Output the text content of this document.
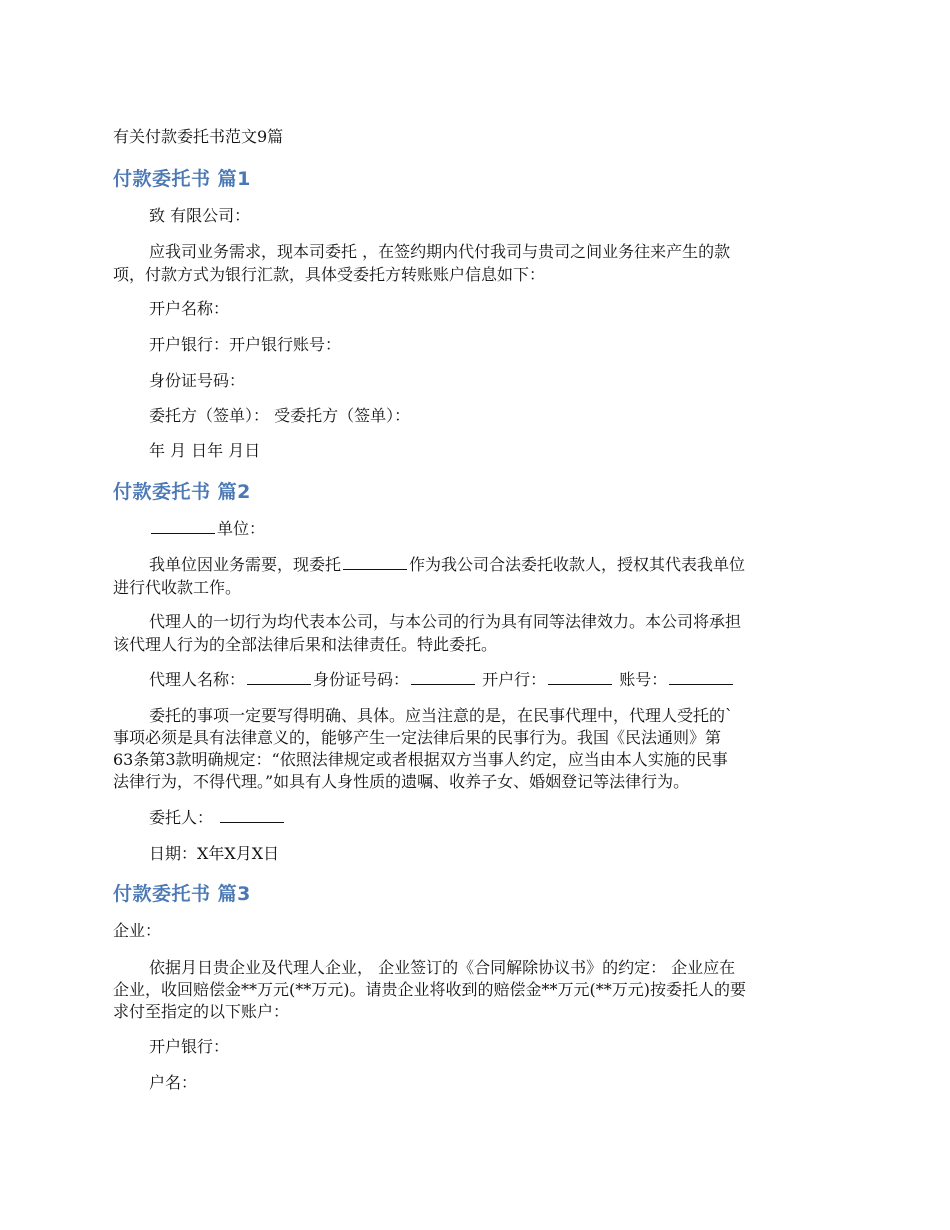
有关付款委托书范文9篇
付款委托书 篇1
致 有限公司：
应我司业务需求，现本司委托 ，在签约期内代付我司与贵司之间业务往来产生的款
项，付款方式为银行汇款，具体受委托方转账账户信息如下：
开户名称：
开户银行：开户银行账号：
身份证号码：
委托方（签单）： 受委托方（签单）：
年 月 日年 月日
付款委托书 篇2
单位：
我单位因业务需要，现委托	作为我公司合法委托收款人，授权其代表我单位
进行代收款工作。
代理人的一切行为均代表本公司，与本公司的行为具有同等法律效力。本公司将承担
该代理人行为的全部法律后果和法律责任。特此委托。
代理人名称：	身份证号码：	开户行：	账号：
委托的事项一定要写得明确、具体。应当注意的是，在民事代理中，代理人受托的`
事项必须是具有法律意义的，能够产生一定法律后果的民事行为。我国《民法通则》第
63条第3款明确规定：“依照法律规定或者根据双方当事人约定，应当由本人实施的民事
法律行为，不得代理。”如具有人身性质的遗嘱、收养子女、婚姻登记等法律行为。
委托人：
日期：X年X月X日
付款委托书 篇3
企业：
依据月日贵企业及代理人企业， 企业签订的《合同解除协议书》的约定： 企业应在
企业，收回赔偿金**万元(**万元)。请贵企业将收到的赔偿金**万元(**万元)按委托人的要
求付至指定的以下账户：
开户银行：
户名：
